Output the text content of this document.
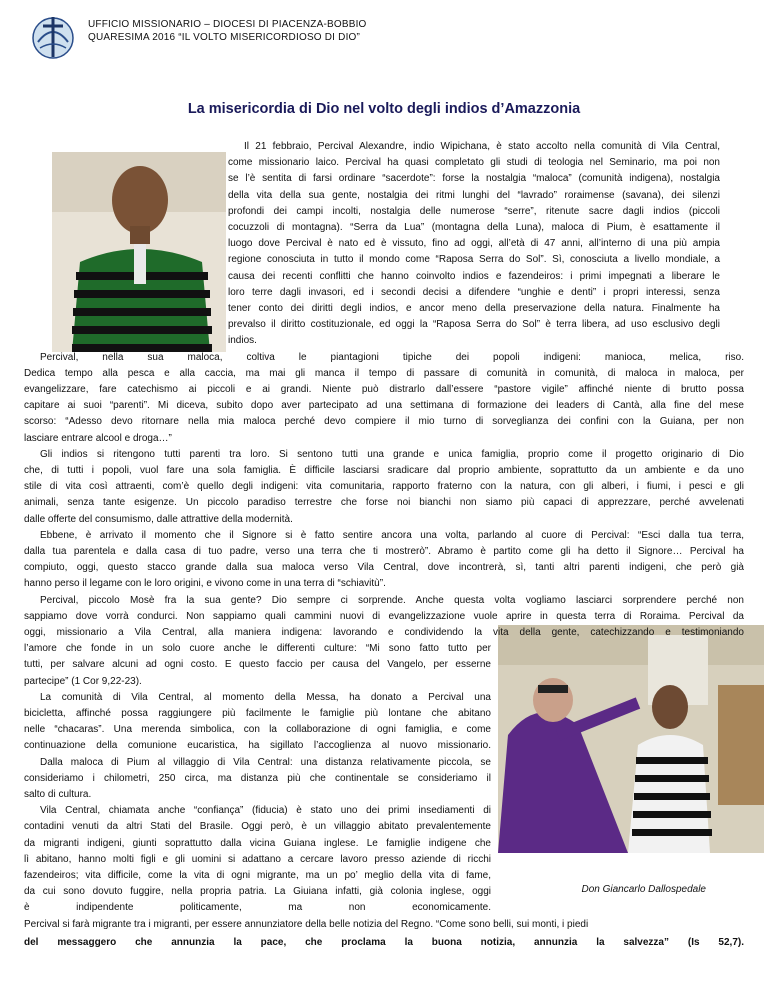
UFFICIO MISSIONARIO – DIOCESI DI PIACENZA-BOBBIO
QUARESIMA 2016 “IL VOLTO MISERICORDIOSO DI DIO”
La misericordia di Dio nel volto degli indios d’Amazzonia
Il 21 febbraio, Percival Alexandre, indio Wipichana, è stato accolto nella comunità di Vila Central,
come missionario laico. Percival ha quasi completato gli studi di teologia nel Seminario, ma poi non
se l’è sentita di farsi ordinare “sacerdote”: forse la nostalgia “maloca” (comunità indigena), nostalgia
della vita della sua gente, nostalgia dei ritmi lunghi del “lavrado” roraimense (savana), dei silenzi
profondi dei campi incolti, nostalgia delle numerose “serre”, ritenute sacre dagli indios (piccoli
cocuzzoli di montagna). “Serra da Lua” (montagna della Luna), maloca di Pium, è esattamente il
luogo dove Percival è nato ed è vissuto, fino ad oggi, all’età di 47 anni, all’interno di una più ampia
regione conosciuta in tutto il mondo come “Raposa Serra do Sol”. Sì, conosciuta a livello mondiale, a
causa dei recenti conflitti che hanno coinvolto indios e fazendeiros: i primi impegnati a liberare le
loro terre dagli invasori, ed i secondi decisi a difendere “unghie e denti” i propri interessi, senza
tener conto dei diritti degli indios, e ancor meno della preservazione della natura. Finalmente ha
prevalso il diritto costituzionale, ed oggi la “Raposa Serra do Sol” è terra libera, ad uso esclusivo degli
indios.
Percival, nella sua maloca, coltiva le piantagioni tipiche dei popoli indigeni: manioca, melica, riso.
Dedica tempo alla pesca e alla caccia, ma mai gli manca il tempo di passare di comunità in comunità, di maloca in maloca, per
evangelizzare, fare catechismo ai piccoli e ai grandi. Niente può distrarlo dall’essere “pastore vigile” affinché niente di brutto possa
capitare ai suoi “parenti”. Mi diceva, subito dopo aver partecipato ad una settimana di formazione dei leaders di Cantà, alla fine del mese
scorso: “Adesso devo ritornare nella mia maloca perché devo compiere il mio turno di sorveglianza dei confini con la Guiana, per non
lasciare entrare alcool e droga…”
Gli indios si ritengono tutti parenti tra loro. Si sentono tutti una grande e unica famiglia, proprio come il progetto originario di Dio
che, di tutti i popoli, vuol fare una sola famiglia. È difficile lasciarsi sradicare dal proprio ambiente, soprattutto da un ambiente e da uno
stile di vita così attraenti, com’è quello degli indigeni: vita comunitaria, rapporto fraterno con la natura, con gli alberi, i fiumi, i pesci e gli
animali, senza tante esigenze. Un piccolo paradiso terrestre che forse noi bianchi non siamo più capaci di apprezzare, perché avvelenati
dalle offerte del consumismo, dalle attrattive della modernità.
Ebbene, è arrivato il momento che il Signore si è fatto sentire ancora una volta, parlando al cuore di Percival: “Esci dalla tua terra,
dalla tua parentela e dalla casa di tuo padre, verso una terra che ti mostrerò”. Abramo è partito come gli ha detto il Signore… Percival ha
compiuto, oggi, questo stacco grande dalla sua maloca verso Vila Central, dove incontrerà, sì, tanti altri parenti indigeni, che però già
hanno perso il legame con le loro origini, e vivono come in una terra di “schiavitù”.
Percival, piccolo Mosè fra la sua gente? Dio sempre ci sorprende. Anche questa volta vogliamo lasciarci sorprendere perché non
sappiamo dove vorrà condurci. Non sappiamo quali cammini nuovi di evangelizzazione vuole aprire in questa terra di Roraima. Percival da
oggi, missionario a Vila Central, alla maniera indigena: lavorando e condividendo la vita della gente, catechizzando e testimoniando
l’amore che fonde in un solo cuore anche le differenti culture: “Mi sono fatto tutto per
tutti, per salvare alcuni ad ogni costo. E questo faccio per causa del Vangelo, per esserne
partecipe” (1 Cor 9,22-23).
La comunità di Vila Central, al momento della Messa, ha donato a Percival una
bicicletta, affinché possa raggiungere più facilmente le famiglie più lontane che abitano
nelle “chacaras”. Una merenda simbolica, con la collaborazione di ogni famiglia, e come
continuazione della comunione eucaristica, ha sigillato l’accoglienza al nuovo missionario.
Dalla maloca di Pium al villaggio di Vila Central: una distanza relativamente piccola, se
consideriamo i chilometri, 250 circa, ma distanza più che continentale se consideriamo il
salto di cultura.
Vila Central, chiamata anche “confiança” (fiducia) è stato uno dei primi insediamenti di
contadini venuti da altri Stati del Brasile. Oggi però, è un villaggio abitato prevalentemente
da migranti indigeni, giunti soprattutto dalla vicina Guiana inglese. Le famiglie indigene che
lì abitano, hanno molti figli e gli uomini si adattano a cercare lavoro presso aziende di ricchi
fazendeiros; vita difficile, come la vita di ogni migrante, ma un po’ meglio della vita di fame,
da cui sono dovuto fuggire, nella propria patria. La Giuiana infatti, già colonia inglese, oggi
è indipendente politicamente, ma non economicamente.
Percival si farà migrante tra i migranti, per essere annunziatore della belle notizia del Regno. “Come sono belli, sui monti, i piedi
del messaggero che annunzia la pace, che proclama la buona notizia, annunzia la salvezza” (Is 52,7).
Don Giancarlo Dallospedale
